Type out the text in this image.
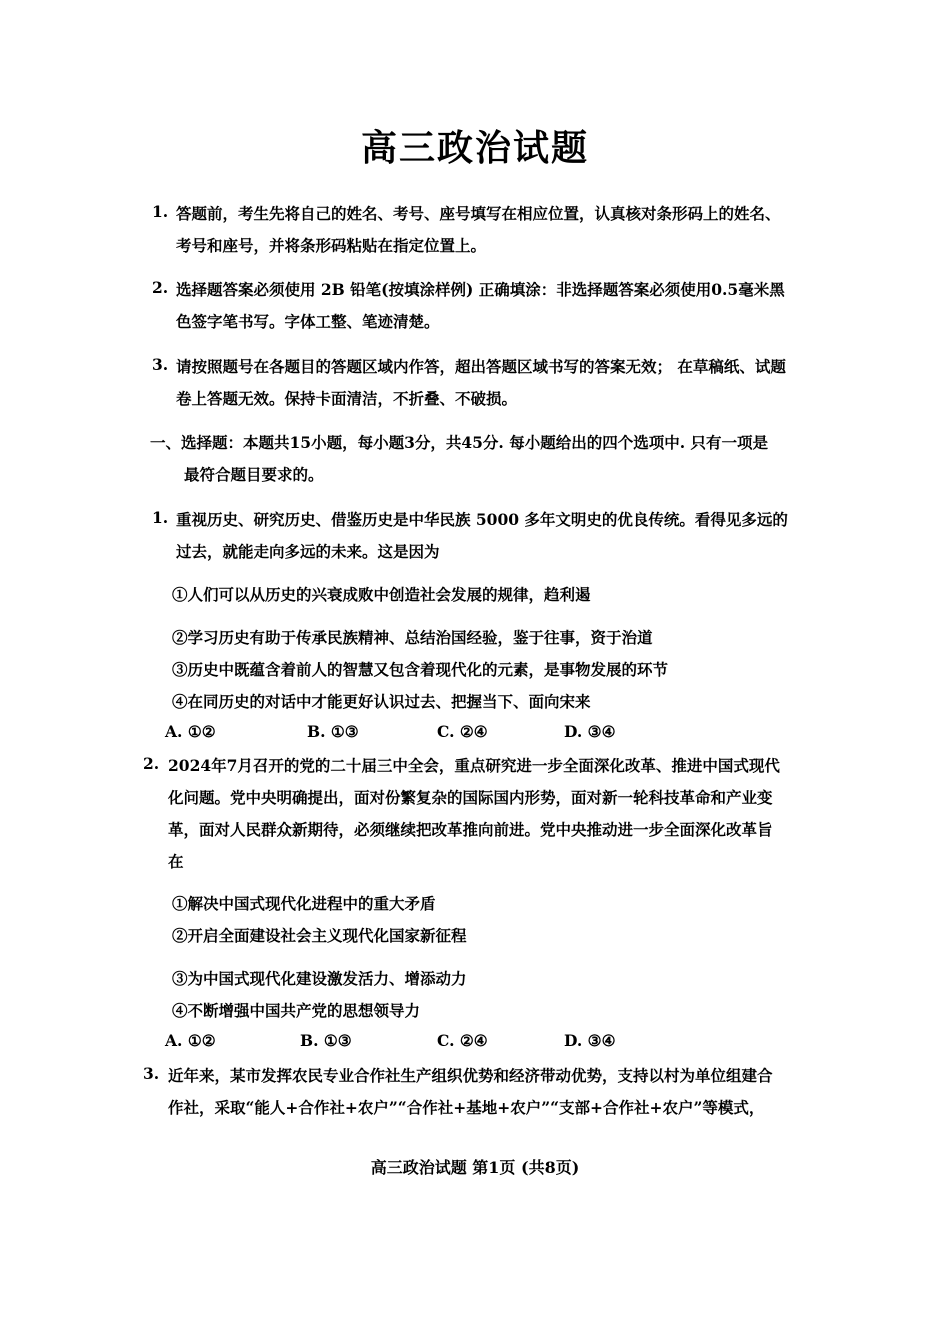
高三政治试题
1. 答题前，考生先将自己的姓名、考号、座号填写在相应位置，认真核对条形码上的姓名、
考号和座号，并将条形码粘贴在指定位置上。
2. 选择题答案必须使用 2B 铅笔(按填涂样例) 正确填涂：非选择题答案必须使用0.5毫米黑
色签字笔书写。字体工整、笔迹清楚。
3. 请按照题号在各题目的答题区域内作答，超出答题区域书写的答案无效； 在草稿纸、试题
卷上答题无效。保持卡面清洁，不折叠、不破损。
一、选择题：本题共15小题，每小题3分，共45分. 每小题给出的四个选项中. 只有一项是
最符合题目要求的。
1. 重视历史、研究历史、借鉴历史是中华民族 5000 多年文明史的优良传统。看得见多远的
过去，就能走向多远的未来。这是因为
①人们可以从历史的兴衰成败中创造社会发展的规律，趋利遏
②学习历史有助于传承民族精神、总结治国经验，鉴于往事，资于治道
③历史中既蕴含着前人的智慧又包含着现代化的元素，是事物发展的环节
④在同历史的对话中才能更好认识过去、把握当下、面向宋来
A. ①②	B. ①③	C. ②④	D. ③④
2. 2024年7月召开的党的二十届三中全会，重点研究进一步全面深化改革、推进中国式现代
化问题。党中央明确提出，面对份繁复杂的国际国内形势，面对新一轮科技革命和产业变
革，面对人民群众新期待，必须继续把改革推向前进。党中央推动进一步全面深化改革旨
在
①解决中国式现代化进程中的重大矛盾
②开启全面建设社会主义现代化国家新征程
③为中国式现代化建设激发活力、增添动力
④不断增强中国共产党的思想领导力
A. ①②	B. ①③	C. ②④	D. ③④
3. 近年来，某市发挥农民专业合作社生产组织优势和经济带动优势，支持以村为单位组建合
作社，采取“能人+合作社+农户”“合作社+基地+农户”“支部+合作社+农户”等模式，
高三政治试题 第1页 (共8页)
